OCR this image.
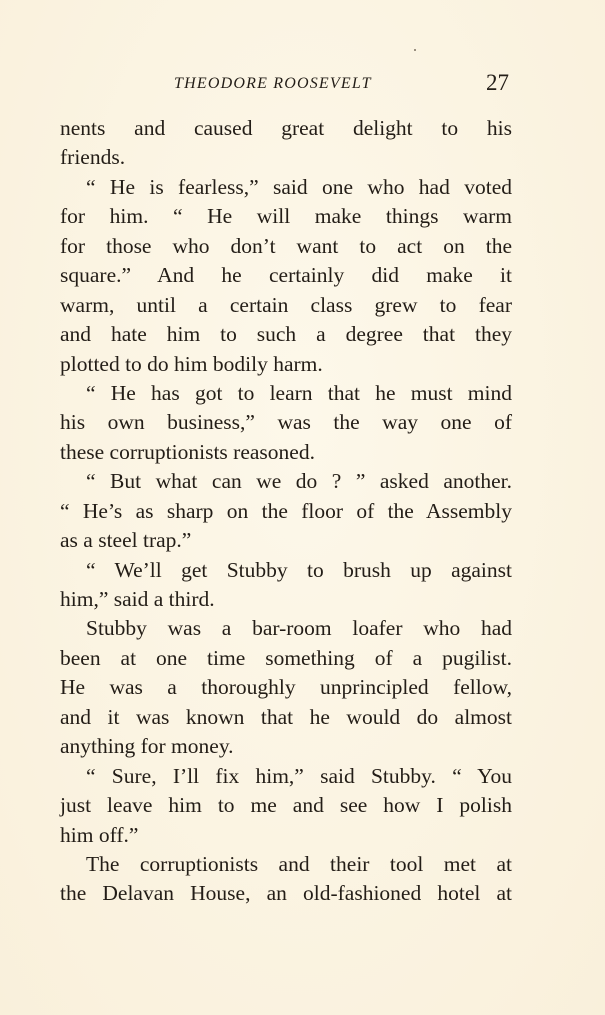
THEODORE ROOSEVELT	27
nents and caused great delight to his
friends.
“ He is fearless,” said one who had voted
for him. “ He will make things warm
for those who don’t want to act on the
square.” And he certainly did make it
warm, until a certain class grew to fear
and hate him to such a degree that they
plotted to do him bodily harm.
“ He has got to learn that he must mind
his own business,” was the way one of
these corruptionists reasoned.
“ But what can we do ? ” asked another.
“ He’s as sharp on the floor of the Assembly
as a steel trap.”
“ We’ll get Stubby to brush up against
him,” said a third.
Stubby was a bar-room loafer who had
been at one time something of a pugilist.
He was a thoroughly unprincipled fellow,
and it was known that he would do almost
anything for money.
“ Sure, I’ll fix him,” said Stubby. “ You
just leave him to me and see how I polish
him off.”
The corruptionists and their tool met at
the Delavan House, an old-fashioned hotel at
